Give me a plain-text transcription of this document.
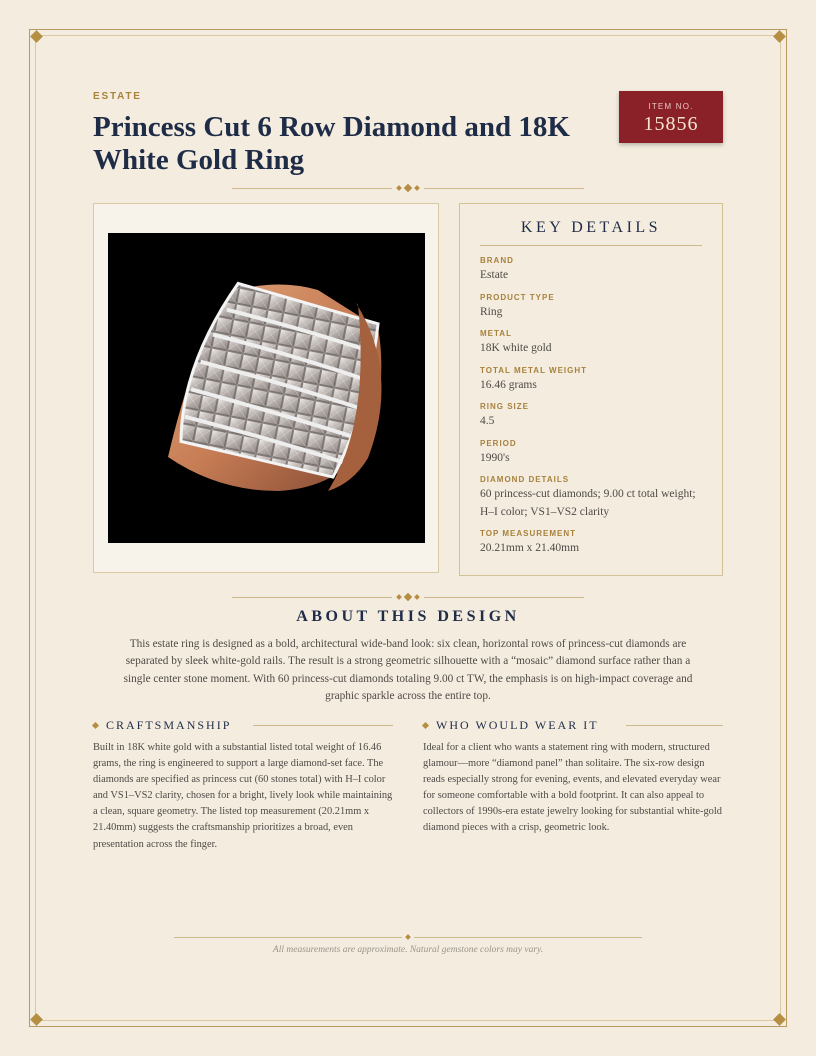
ESTATE
Princess Cut 6 Row Diamond and 18K White Gold Ring
ITEM NO.
15856
KEY DETAILS
BRAND
Estate
PRODUCT TYPE
Ring
METAL
18K white gold
TOTAL METAL WEIGHT
16.46 grams
RING SIZE
4.5
PERIOD
1990's
DIAMOND DETAILS
60 princess-cut diamonds; 9.00 ct total weight; H–I color; VS1–VS2 clarity
TOP MEASUREMENT
20.21mm x 21.40mm
ABOUT THIS DESIGN

This estate ring is designed as a bold, architectural wide-band look: six clean, horizontal rows of princess-cut diamonds are separated by sleek white-gold rails. The result is a strong geometric silhouette with a “mosaic” diamond surface rather than a single center stone moment. With 60 princess-cut diamonds totaling 9.00 ct TW, the emphasis is on high-impact coverage and graphic sparkle across the entire top.

CRAFTSMANSHIP

Built in 18K white gold with a substantial listed total weight of 16.46 grams, the ring is engineered to support a large diamond-set face. The diamonds are specified as princess cut (60 stones total) with H–I color and VS1–VS2 clarity, chosen for a bright, lively look while maintaining a clean, square geometry. The listed top measurement (20.21mm x 21.40mm) suggests the craftsmanship prioritizes a broad, even presentation across the finger.

WHO WOULD WEAR IT

Ideal for a client who wants a statement ring with modern, structured glamour—more “diamond panel” than solitaire. The six-row design reads especially strong for evening, events, and elevated everyday wear for someone comfortable with a bold footprint. It can also appeal to collectors of 1990s-era estate jewelry looking for substantial white-gold diamond pieces with a crisp, geometric look.

All measurements are approximate. Natural gemstone colors may vary.
